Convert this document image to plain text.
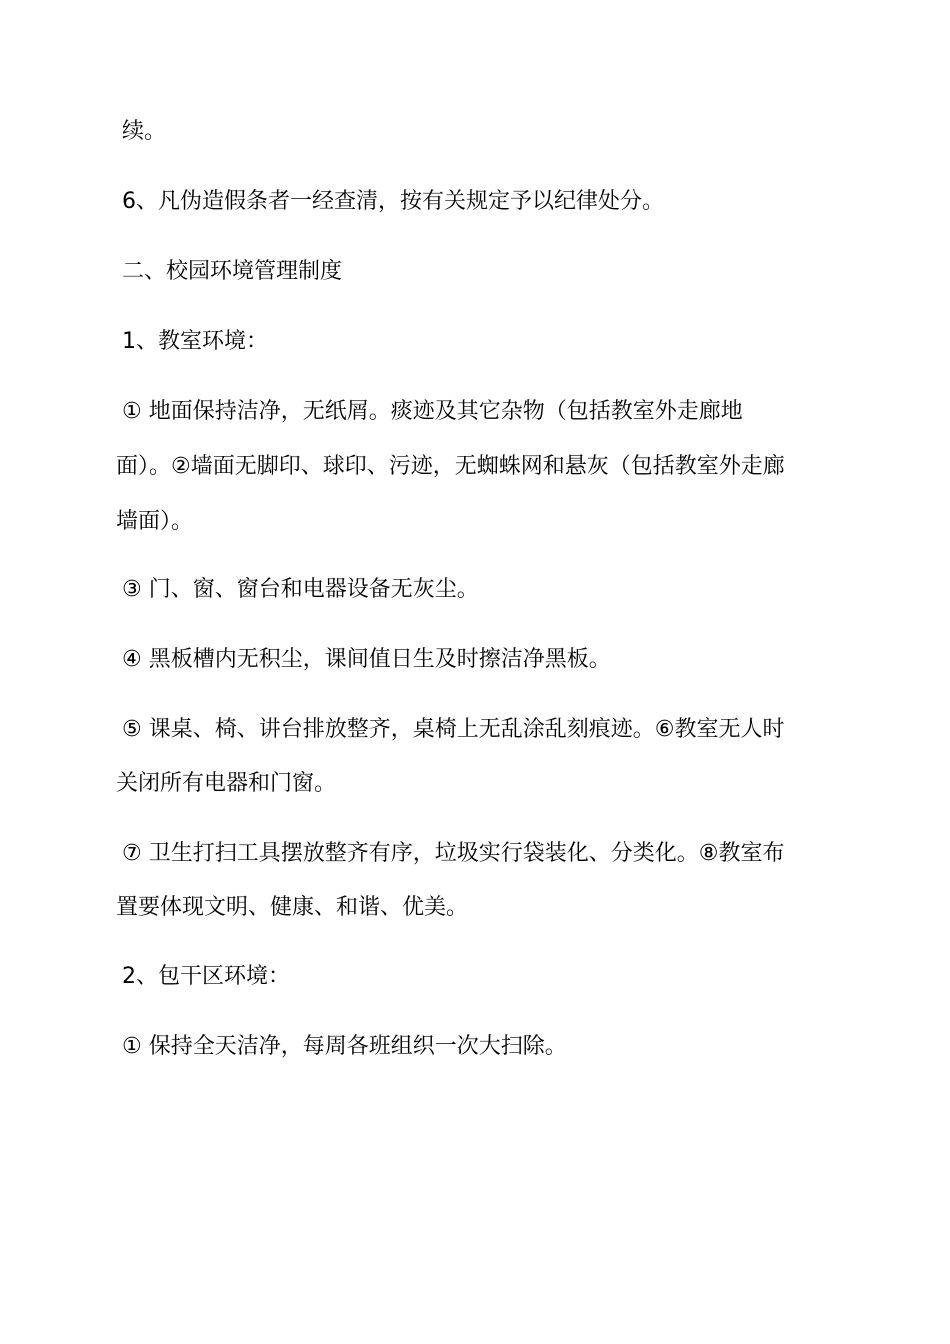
续。
6、凡伪造假条者一经查清，按有关规定予以纪律处分。
二、校园环境管理制度
1、教室环境：
① 地面保持洁净，无纸屑。痰迹及其它杂物（包括教室外走廊地
面）。②墙面无脚印、球印、污迹，无蜘蛛网和悬灰（包括教室外走廊
墙面）。
③ 门、窗、窗台和电器设备无灰尘。
④ 黑板槽内无积尘，课间值日生及时擦洁净黑板。
⑤ 课桌、椅、讲台排放整齐，桌椅上无乱涂乱刻痕迹。⑥教室无人时
关闭所有电器和门窗。
⑦ 卫生打扫工具摆放整齐有序，垃圾实行袋装化、分类化。⑧教室布
置要体现文明、健康、和谐、优美。
2、包干区环境：
① 保持全天洁净，每周各班组织一次大扫除。
